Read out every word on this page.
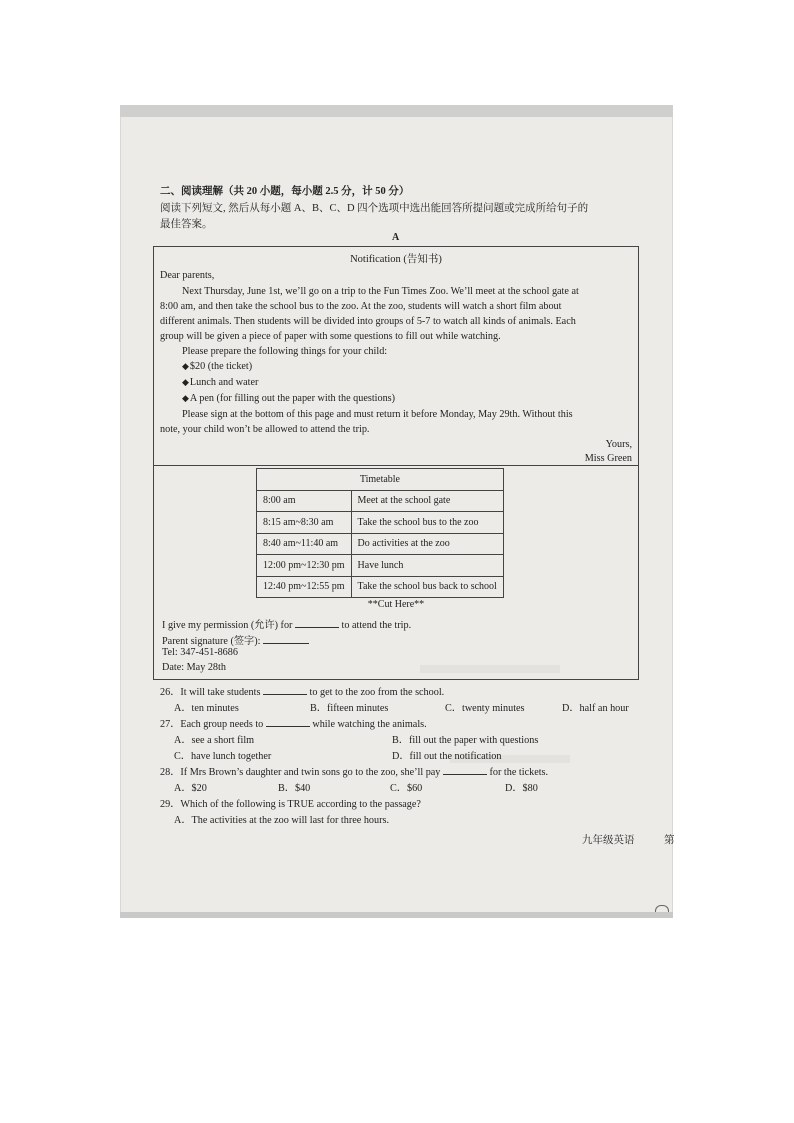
二、阅读理解（共 20 小题，每小题 2.5 分，计 50 分）
阅读下列短文, 然后从每小题 A、B、C、D 四个选项中选出能回答所提问题或完成所给句子的
最佳答案。
A
Notification (告知书)
Dear parents,
Next Thursday, June 1st, we’ll go on a trip to the Fun Times Zoo. We’ll meet at the school gate at
8:00 am, and then take the school bus to the zoo. At the zoo, students will watch a short film about
different animals. Then students will be divided into groups of 5-7 to watch all kinds of animals. Each
group will be given a piece of paper with some questions to fill out while watching.
Please prepare the following things for your child:
◆$20 (the ticket)
◆Lunch and water
◆A pen (for filling out the paper with the questions)
Please sign at the bottom of this page and must return it before Monday, May 29th. Without this
note, your child won’t be allowed to attend the trip.
Yours,
Miss Green
Timetable	
8:00 am	Meet at the school gate
8:15 am~8:30 am	Take the school bus to the zoo
8:40 am~11:40 am	Do activities at the zoo
12:00 pm~12:30 pm	Have lunch
12:40 pm~12:55 pm	Take the school bus back to school
**Cut Here**
I give my permission (允许) for	to attend the trip.
Parent signature (签字):
Tel: 347-451-8686
Date: May 28th
26．It will take students	to get to the zoo from the school.
A．ten minutes	B．fifteen minutes	C．twenty minutes	D．half an hour
27．Each group needs to	while watching the animals.
A．see a short film	B．fill out the paper with questions
C．have lunch together	D．fill out the notification
28．If Mrs Brown’s daughter and twin sons go to the zoo, she’ll pay	for the tickets.
A．$20	B．$40	C．$60	D．$80
29．Which of the following is TRUE according to the passage?
A．The activities at the zoo will last for three hours.
九年级英语	第
